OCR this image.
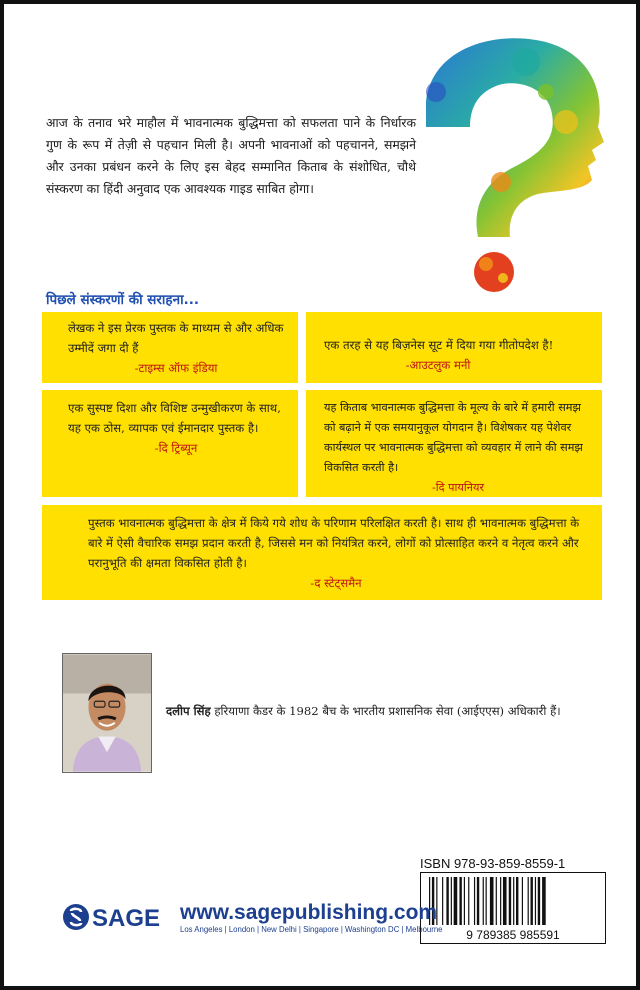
आज के तनाव भरे माहौल में भावनात्मक बुद्धिमत्ता को सफलता पाने के निर्धारक गुण के रूप में तेज़ी से पहचान मिली है। अपनी भावनाओं को पहचानने, समझने और उनका प्रबंधन करने के लिए इस बेहद सम्मानित किताब के संशोधित, चौथे संस्करण का हिंदी अनुवाद एक आवश्यक गाइड साबित होगा।
पिछले संस्करणों की सराहना...
लेखक ने इस प्रेरक पुस्तक के माध्यम से और अधिक उम्मीदें जगा दी हैं
-टाइम्स ऑफ इंडिया
एक तरह से यह बिज़नेस सूट में दिया गया गीतोपदेश है!
-आउटलुक मनी
एक सुस्पष्ट दिशा और विशिष्ट उन्मुखीकरण के साथ, यह एक ठोस, व्यापक एवं ईमानदार पुस्तक है।
-दि ट्रिब्यून
यह किताब भावनात्मक बुद्धिमत्ता के मूल्य के बारे में हमारी समझ को बढ़ाने में एक समयानुकूल योगदान है। विशेषकर यह पेशेवर कार्यस्थल पर भावनात्मक बुद्धिमत्ता को व्यवहार में लाने की समझ विकसित करती है।
-दि पायनियर
पुस्तक भावनात्मक बुद्धिमत्ता के क्षेत्र में किये गये शोध के परिणाम परिलक्षित करती है। साथ ही भावनात्मक बुद्धिमत्ता के बारे में ऐसी वैचारिक समझ प्रदान करती है, जिससे मन को नियंत्रित करने, लोगों को प्रोत्साहित करने व नेतृत्व करने और परानुभूति की क्षमता विकसित होती है।
-द स्टेट्समैन
दलीप सिंह हरियाणा कैडर के 1982 बैच के भारतीय प्रशासनिक सेवा (आईएएस) अधिकारी हैं।
ISBN 978-93-859-8559-1
9 789385 985591
SAGE www.sagepublishing.com
Los Angeles | London | New Delhi | Singapore | Washington DC | Melbourne
